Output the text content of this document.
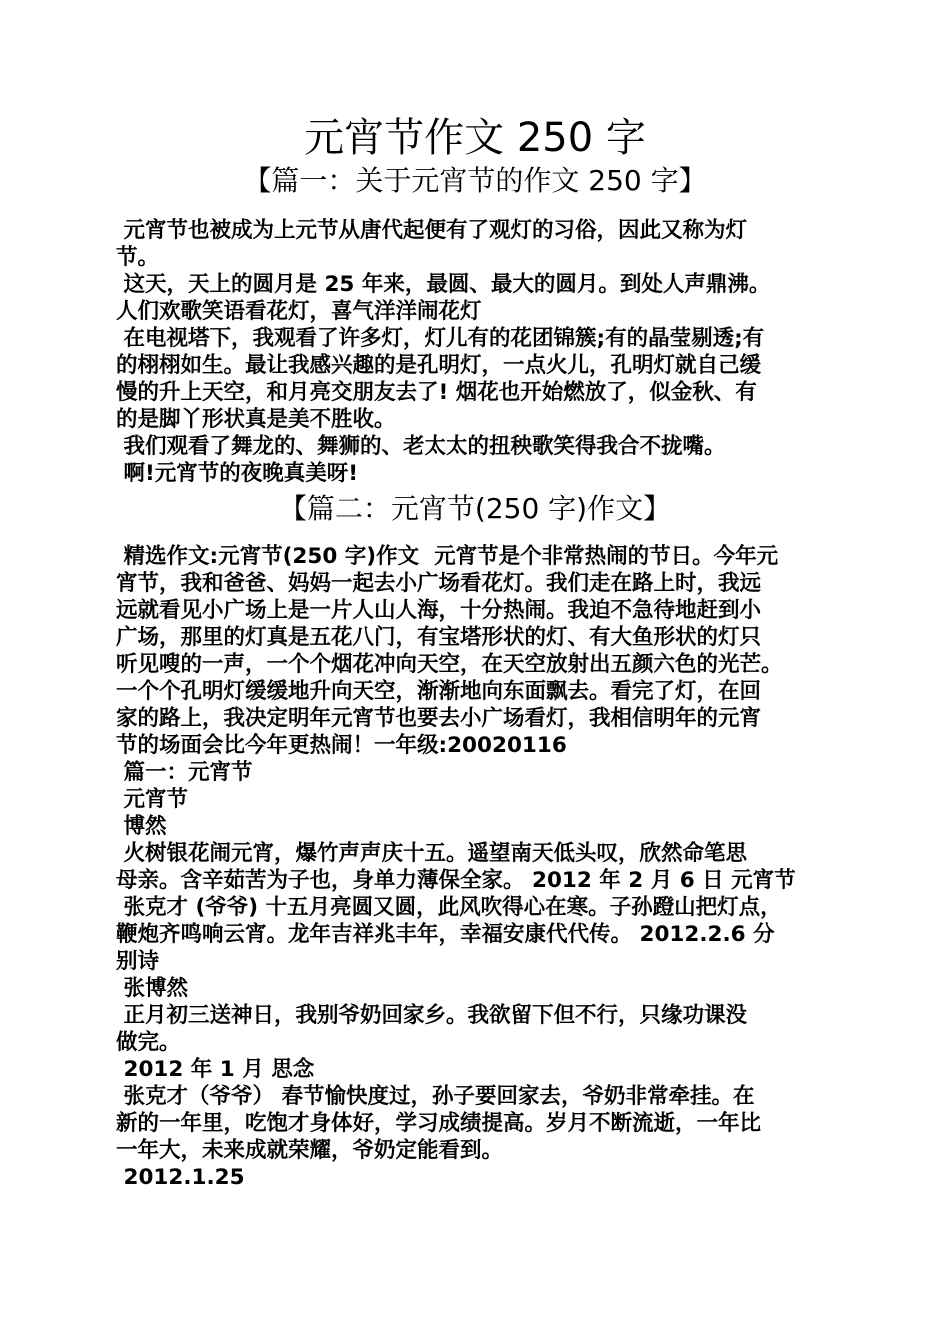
元宵节作文 250 字
【篇一：关于元宵节的作文 250 字】
元宵节也被成为上元节从唐代起便有了观灯的习俗，因此又称为灯
节。
这天，天上的圆月是 25 年来，最圆、最大的圆月。到处人声鼎沸。
人们欢歌笑语看花灯，喜气洋洋闹花灯
在电视塔下，我观看了许多灯，灯儿有的花团锦簇;有的晶莹剔透;有
的栩栩如生。最让我感兴趣的是孔明灯，一点火儿，孔明灯就自己缓
慢的升上天空，和月亮交朋友去了! 烟花也开始燃放了，似金秋、有
的是脚丫形状真是美不胜收。
我们观看了舞龙的、舞狮的、老太太的扭秧歌笑得我合不拢嘴。
啊!元宵节的夜晚真美呀!
【篇二：元宵节(250 字)作文】
精选作文:元宵节(250 字)作文  元宵节是个非常热闹的节日。今年元
宵节，我和爸爸、妈妈一起去小广场看花灯。我们走在路上时，我远
远就看见小广场上是一片人山人海，十分热闹。我迫不急待地赶到小
广场，那里的灯真是五花八门，有宝塔形状的灯、有大鱼形状的灯只
听见嗖的一声，一个个烟花冲向天空，在天空放射出五颜六色的光芒。
一个个孔明灯缓缓地升向天空，渐渐地向东面飘去。看完了灯，在回
家的路上，我决定明年元宵节也要去小广场看灯，我相信明年的元宵
节的场面会比今年更热闹！一年级:20020116
篇一：元宵节
元宵节
博然
火树银花闹元宵，爆竹声声庆十五。遥望南天低头叹，欣然命笔思
母亲。含辛茹苦为子也，身单力薄保全家。 2012 年 2 月 6 日 元宵节
张克才 (爷爷) 十五月亮圆又圆，此风吹得心在寒。子孙蹬山把灯点，
鞭炮齐鸣响云宵。龙年吉祥兆丰年，幸福安康代代传。 2012.2.6 分
别诗
张博然
正月初三送神日，我别爷奶回家乡。我欲留下但不行，只缘功课没
做完。
2012 年 1 月 思念
张克才（爷爷） 春节愉快度过，孙子要回家去，爷奶非常牵挂。在
新的一年里，吃饱才身体好，学习成绩提高。岁月不断流逝，一年比
一年大，未来成就荣耀，爷奶定能看到。
2012.1.25
